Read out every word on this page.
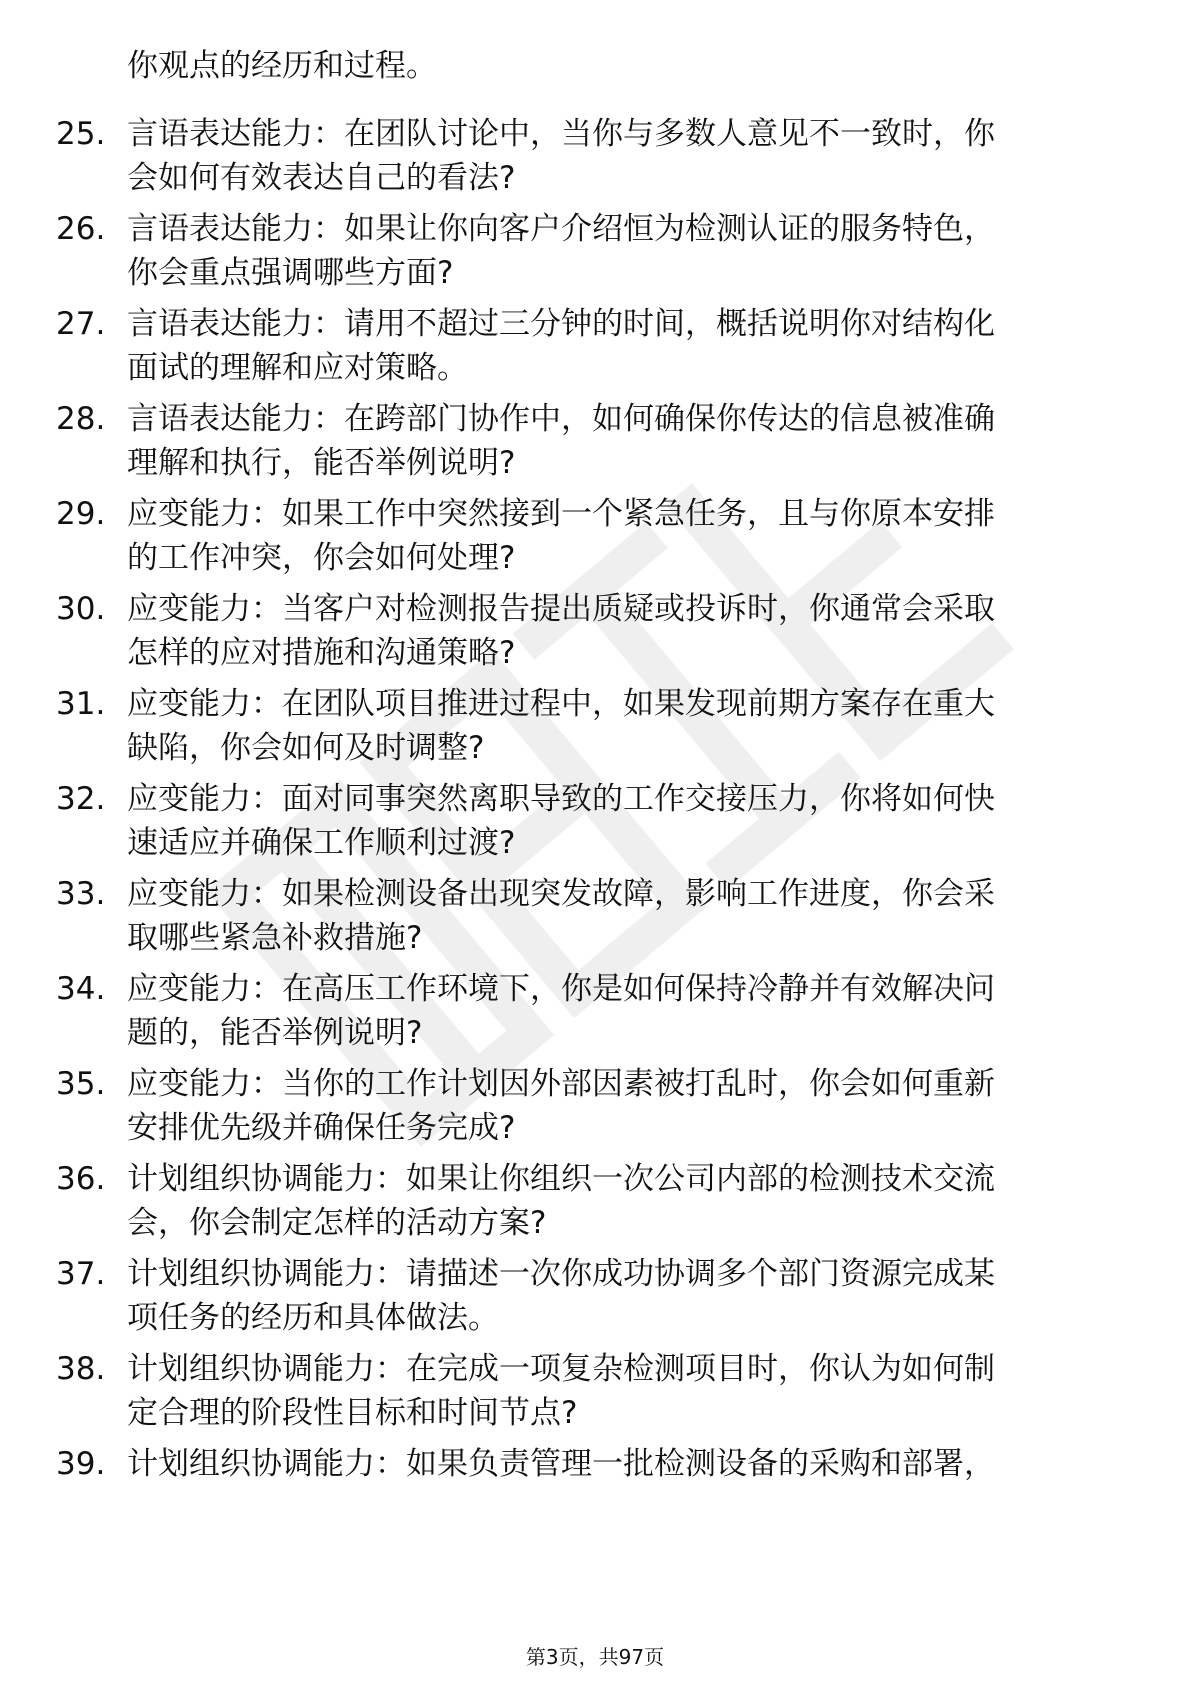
你观点的经历和过程。
25. 言语表达能力：在团队讨论中，当你与多数人意见不一致时，你
会如何有效表达自己的看法?
26. 言语表达能力：如果让你向客户介绍恒为检测认证的服务特色，
你会重点强调哪些方面?
27. 言语表达能力：请用不超过三分钟的时间，概括说明你对结构化
面试的理解和应对策略。
28. 言语表达能力：在跨部门协作中，如何确保你传达的信息被准确
理解和执行，能否举例说明?
29. 应变能力：如果工作中突然接到一个紧急任务，且与你原本安排
的工作冲突，你会如何处理?
30. 应变能力：当客户对检测报告提出质疑或投诉时，你通常会采取
怎样的应对措施和沟通策略?
31. 应变能力：在团队项目推进过程中，如果发现前期方案存在重大
缺陷，你会如何及时调整?
32. 应变能力：面对同事突然离职导致的工作交接压力，你将如何快
速适应并确保工作顺利过渡?
33. 应变能力：如果检测设备出现突发故障，影响工作进度，你会采
取哪些紧急补救措施?
34. 应变能力：在高压工作环境下，你是如何保持冷静并有效解决问
题的，能否举例说明?
35. 应变能力：当你的工作计划因外部因素被打乱时，你会如何重新
安排优先级并确保任务完成?
36. 计划组织协调能力：如果让你组织一次公司内部的检测技术交流
会，你会制定怎样的活动方案?
37. 计划组织协调能力：请描述一次你成功协调多个部门资源完成某
项任务的经历和具体做法。
38. 计划组织协调能力：在完成一项复杂检测项目时，你认为如何制
定合理的阶段性目标和时间节点?
39. 计划组织协调能力：如果负责管理一批检测设备的采购和部署，
第3页，共97页
